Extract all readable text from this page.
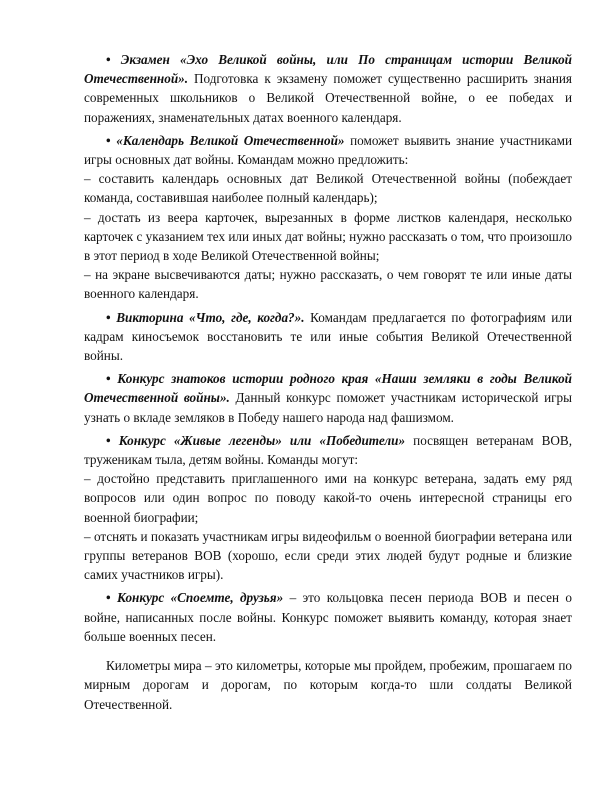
• Экзамен «Эхо Великой войны, или По страницам истории Великой Отечественной». Подготовка к экзамену поможет существенно расширить знания современных школьников о Великой Отечественной войне, о ее победах и поражениях, знаменательных датах военного календаря.

• «Календарь Великой Отечественной» поможет выявить знание участниками игры основных дат войны. Командам можно предложить:

– составить календарь основных дат Великой Отечественной войны (побеждает команда, составившая наиболее полный календарь);

– достать из веера карточек, вырезанных в форме листков календаря, несколько карточек с указанием тех или иных дат войны; нужно рассказать о том, что произошло в этот период в ходе Великой Отечественной войны;

– на экране высвечиваются даты; нужно рассказать, о чем говорят те или иные даты военного календаря.

• Викторина «Что, где, когда?». Командам предлагается по фотографиям или кадрам киносъемок восстановить те или иные события Великой Отечественной войны.

• Конкурс знатоков истории родного края «Наши земляки в годы Великой Отечественной войны». Данный конкурс поможет участникам исторической игры узнать о вкладе земляков в Победу нашего народа над фашизмом.

• Конкурс «Живые легенды» или «Победители» посвящен ветеранам ВОВ, труженикам тыла, детям войны. Команды могут:

– достойно представить приглашенного ими на конкурс ветерана, задать ему ряд вопросов или один вопрос по поводу какой-то очень интересной страницы его военной биографии;

– отснять и показать участникам игры видеофильм о военной биографии ветерана или группы ветеранов ВОВ (хорошо, если среди этих людей будут родные и близкие самих участников игры).

• Конкурс «Споемте, друзья» – это кольцовка песен периода ВОВ и песен о войне, написанных после войны. Конкурс поможет выявить команду, которая знает больше военных песен.

Километры мира – это километры, которые мы пройдем, пробежим, прошагаем по мирным дорогам и дорогам, по которым когда-то шли солдаты Великой Отечественной.
